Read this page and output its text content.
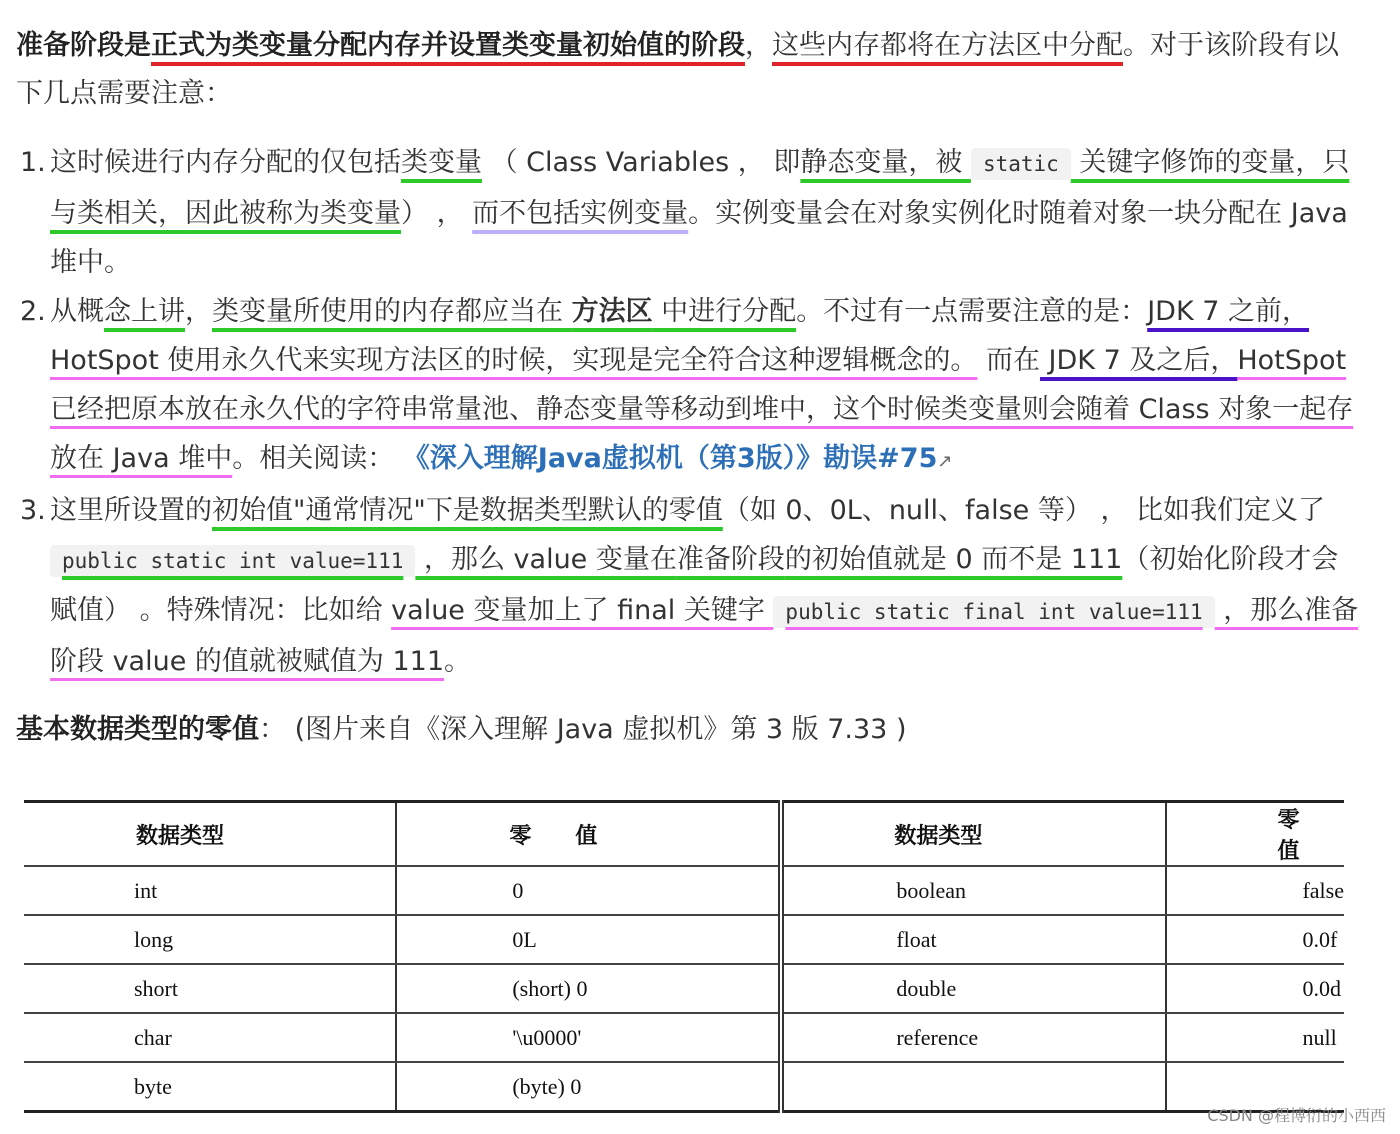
准备阶段是正式为类变量分配内存并设置类变量初始值的阶段，这些内存都将在方法区中分配。对于该阶段有以下几点需要注意：

1. 这时候进行内存分配的仅包括类变量 （ Class Variables ， 即静态变量，被 static 关键字修饰的变量，只与类相关，因此被称为类变量） ， 而不包括实例变量。实例变量会在对象实例化时随着对象一块分配在 Java 堆中。
2. 从概念上讲，类变量所使用的内存都应当在 方法区 中进行分配。不过有一点需要注意的是：JDK 7 之前，HotSpot 使用永久代来实现方法区的时候，实现是完全符合这种逻辑概念的。 而在 JDK 7 及之后，HotSpot 已经把原本放在永久代的字符串常量池、静态变量等移动到堆中，这个时候类变量则会随着 Class 对象一起存放在 Java 堆中。相关阅读： 《深入理解Java虚拟机（第3版）》勘误#75↗
3. 这里所设置的初始值"通常情况"下是数据类型默认的零值（如 0、0L、null、false 等） ， 比如我们定义了 public static int value=111 ，那么 value 变量在准备阶段的初始值就是 0 而不是 111（初始化阶段才会赋值） 。特殊情况：比如给 value 变量加上了 final 关键字 public static final int value=111 ，那么准备阶段 value 的值就被赋值为 111。
基本数据类型的零值： (图片来自《深入理解 Java 虚拟机》第 3 版 7.33 )
数据类型	零　　值	数据类型	零　　值
int	0	boolean	false
long	0L	float	0.0f
short	(short) 0	double	0.0d
char	'\u0000'	reference	null
byte	(byte) 0		
CSDN @程博衍的小西西
